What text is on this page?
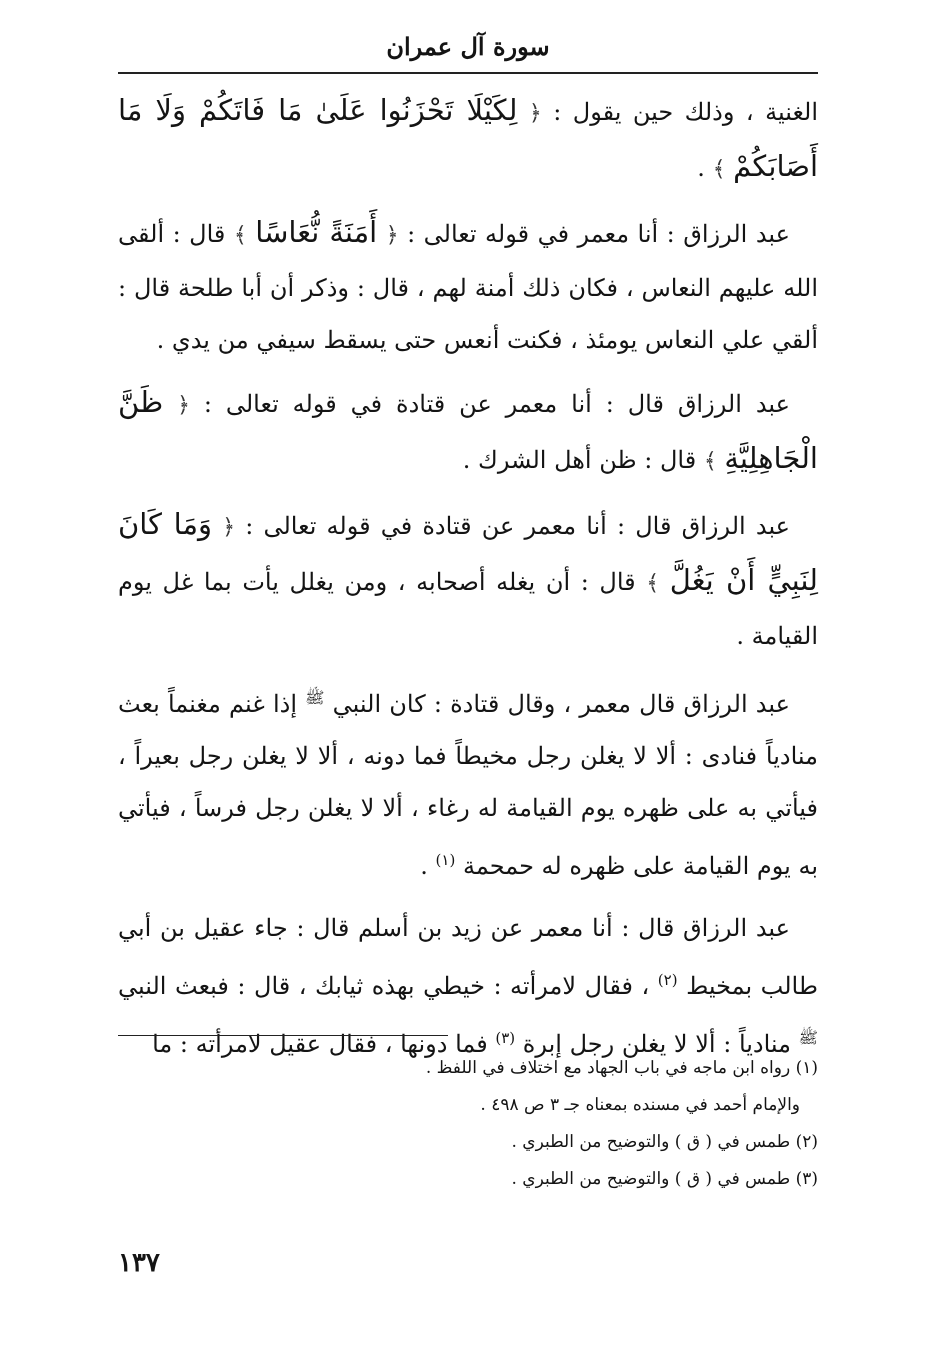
سورة آل عمران

الغنية ، وذلك حين يقول : ﴿ لِكَيْلَا تَحْزَنُوا عَلَىٰ مَا فَاتَكُمْ وَلَا مَا أَصَابَكُمْ ﴾ .

عبد الرزاق : أنا معمر في قوله تعالى : ﴿ أَمَنَةً نُّعَاسًا ﴾ قال : ألقى الله عليهم النعاس ، فكان ذلك أمنة لهم ، قال : وذكر أن أبا طلحة قال : ألقي علي النعاس يومئذ ، فكنت أنعس حتى يسقط سيفي من يدي .

عبد الرزاق قال : أنا معمر عن قتادة في قوله تعالى : ﴿ ظَنَّ الْجَاهِلِيَّةِ ﴾ قال : ظن أهل الشرك .

عبد الرزاق قال : أنا معمر عن قتادة في قوله تعالى : ﴿ وَمَا كَانَ لِنَبِيٍّ أَنْ يَغُلَّ ﴾ قال : أن يغله أصحابه ، ومن يغلل يأت بما غل يوم القيامة .

عبد الرزاق قال معمر ، وقال قتادة : كان النبي $^ﷺ$ إذا غنم مغنماً بعث منادياً فنادى : ألا لا يغلن رجل مخيطاً فما دونه ، ألا لا يغلن رجل بعيراً ، فيأتي به على ظهره يوم القيامة له رغاء ، ألا لا يغلن رجل فرساً ، فيأتي به يوم القيامة على ظهره له حمحمة $^{(١)}$ .

عبد الرزاق قال : أنا معمر عن زيد بن أسلم قال : جاء عقيل بن أبي طالب بمخيط $^{(٢)}$ ، فقال لامرأته : خيطي بهذه ثيابك ، قال : فبعث النبي $^ﷺ$ منادياً : ألا لا يغلن رجل إبرة $^{(٣)}$ فما دونها ، فقال عقيل لامرأته : ما

(١) رواه ابن ماجه في باب الجهاد مع اختلاف في اللفظ .

والإمام أحمد في مسنده بمعناه جـ ٣ ص ٤٩٨ .

(٢) طمس في ( ق ) والتوضيح من الطبري .

(٣) طمس في ( ق ) والتوضيح من الطبري .

١٣٧
